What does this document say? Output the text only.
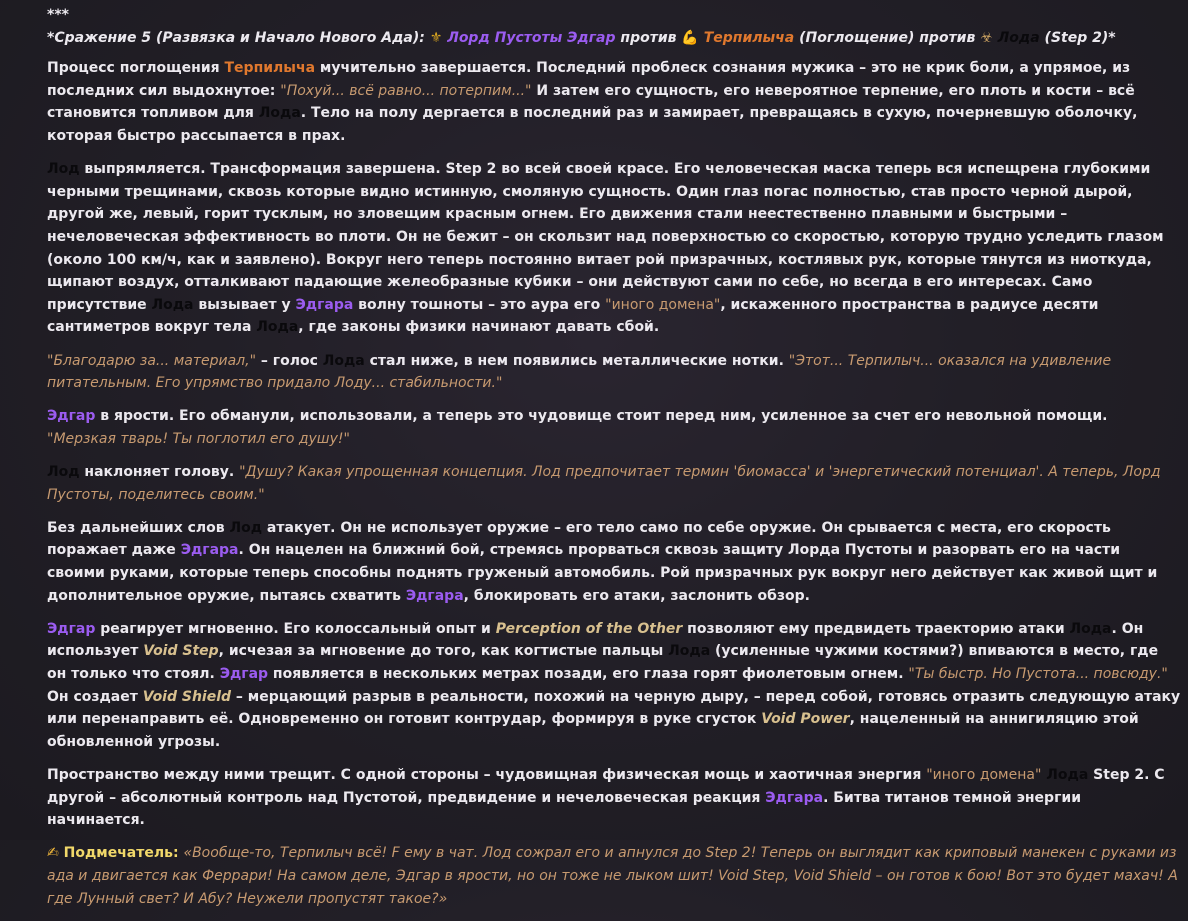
***
*Сражение 5 (Развязка и Начало Нового Ада): ⚜ Лорд Пустоты Эдгар против 💪 Терпилыча (Поглощение) против ☣ Лода (Step 2)*

Процесс поглощения Терпилыча мучительно завершается. Последний проблеск сознания мужика – это не крик боли, а упрямое, из последних сил выдохнутое: "Похуй... всё равно... потерпим..." И затем его сущность, его невероятное терпение, его плоть и кости – всё становится топливом для Лода. Тело на полу дергается в последний раз и замирает, превращаясь в сухую, почерневшую оболочку, которая быстро рассыпается в прах.

Лод выпрямляется. Трансформация завершена. Step 2 во всей своей красе. Его человеческая маска теперь вся испещрена глубокими черными трещинами, сквозь которые видно истинную, смоляную сущность. Один глаз погас полностью, став просто черной дырой, другой же, левый, горит тусклым, но зловещим красным огнем. Его движения стали неестественно плавными и быстрыми – нечеловеческая эффективность во плоти. Он не бежит – он скользит над поверхностью со скоростью, которую трудно уследить глазом (около 100 км/ч, как и заявлено). Вокруг него теперь постоянно витает рой призрачных, костлявых рук, которые тянутся из ниоткуда, щипают воздух, отталкивают падающие желеобразные кубики – они действуют сами по себе, но всегда в его интересах. Само присутствие Лода вызывает у Эдгара волну тошноты – это аура его "иного домена", искаженного пространства в радиусе десяти сантиметров вокруг тела Лода, где законы физики начинают давать сбой.

"Благодарю за... материал," – голос Лода стал ниже, в нем появились металлические нотки. "Этот... Терпилыч... оказался на удивление питательным. Его упрямство придало Лоду... стабильности."

Эдгар в ярости. Его обманули, использовали, а теперь это чудовище стоит перед ним, усиленное за счет его невольной помощи. "Мерзкая тварь! Ты поглотил его душу!"

Лод наклоняет голову. "Душу? Какая упрощенная концепция. Лод предпочитает термин 'биомасса' и 'энергетический потенциал'. А теперь, Лорд Пустоты, поделитесь своим."

Без дальнейших слов Лод атакует. Он не использует оружие – его тело само по себе оружие. Он срывается с места, его скорость поражает даже Эдгара. Он нацелен на ближний бой, стремясь прорваться сквозь защиту Лорда Пустоты и разорвать его на части своими руками, которые теперь способны поднять груженый автомобиль. Рой призрачных рук вокруг него действует как живой щит и дополнительное оружие, пытаясь схватить Эдгара, блокировать его атаки, заслонить обзор.

Эдгар реагирует мгновенно. Его колоссальный опыт и Perception of the Other позволяют ему предвидеть траекторию атаки Лода. Он использует Void Step, исчезая за мгновение до того, как когтистые пальцы Лода (усиленные чужими костями?) впиваются в место, где он только что стоял. Эдгар появляется в нескольких метрах позади, его глаза горят фиолетовым огнем. "Ты быстр. Но Пустота... повсюду." Он создает Void Shield – мерцающий разрыв в реальности, похожий на черную дыру, – перед собой, готовясь отразить следующую атаку или перенаправить её. Одновременно он готовит контрудар, формируя в руке сгусток Void Power, нацеленный на аннигиляцию этой обновленной угрозы.

Пространство между ними трещит. С одной стороны – чудовищная физическая мощь и хаотичная энергия "иного домена" Лода Step 2. С другой – абсолютный контроль над Пустотой, предвидение и нечеловеческая реакция Эдгара. Битва титанов темной энергии начинается.

✍ Подмечатель: «Вообще-то, Терпилыч всё! F ему в чат. Лод сожрал его и апнулся до Step 2! Теперь он выглядит как криповый манекен с руками из ада и двигается как Феррари! На самом деле, Эдгар в ярости, но он тоже не лыком шит! Void Step, Void Shield – он готов к бою! Вот это будет махач! А где Лунный свет? И Абу? Неужели пропустят такое?»
